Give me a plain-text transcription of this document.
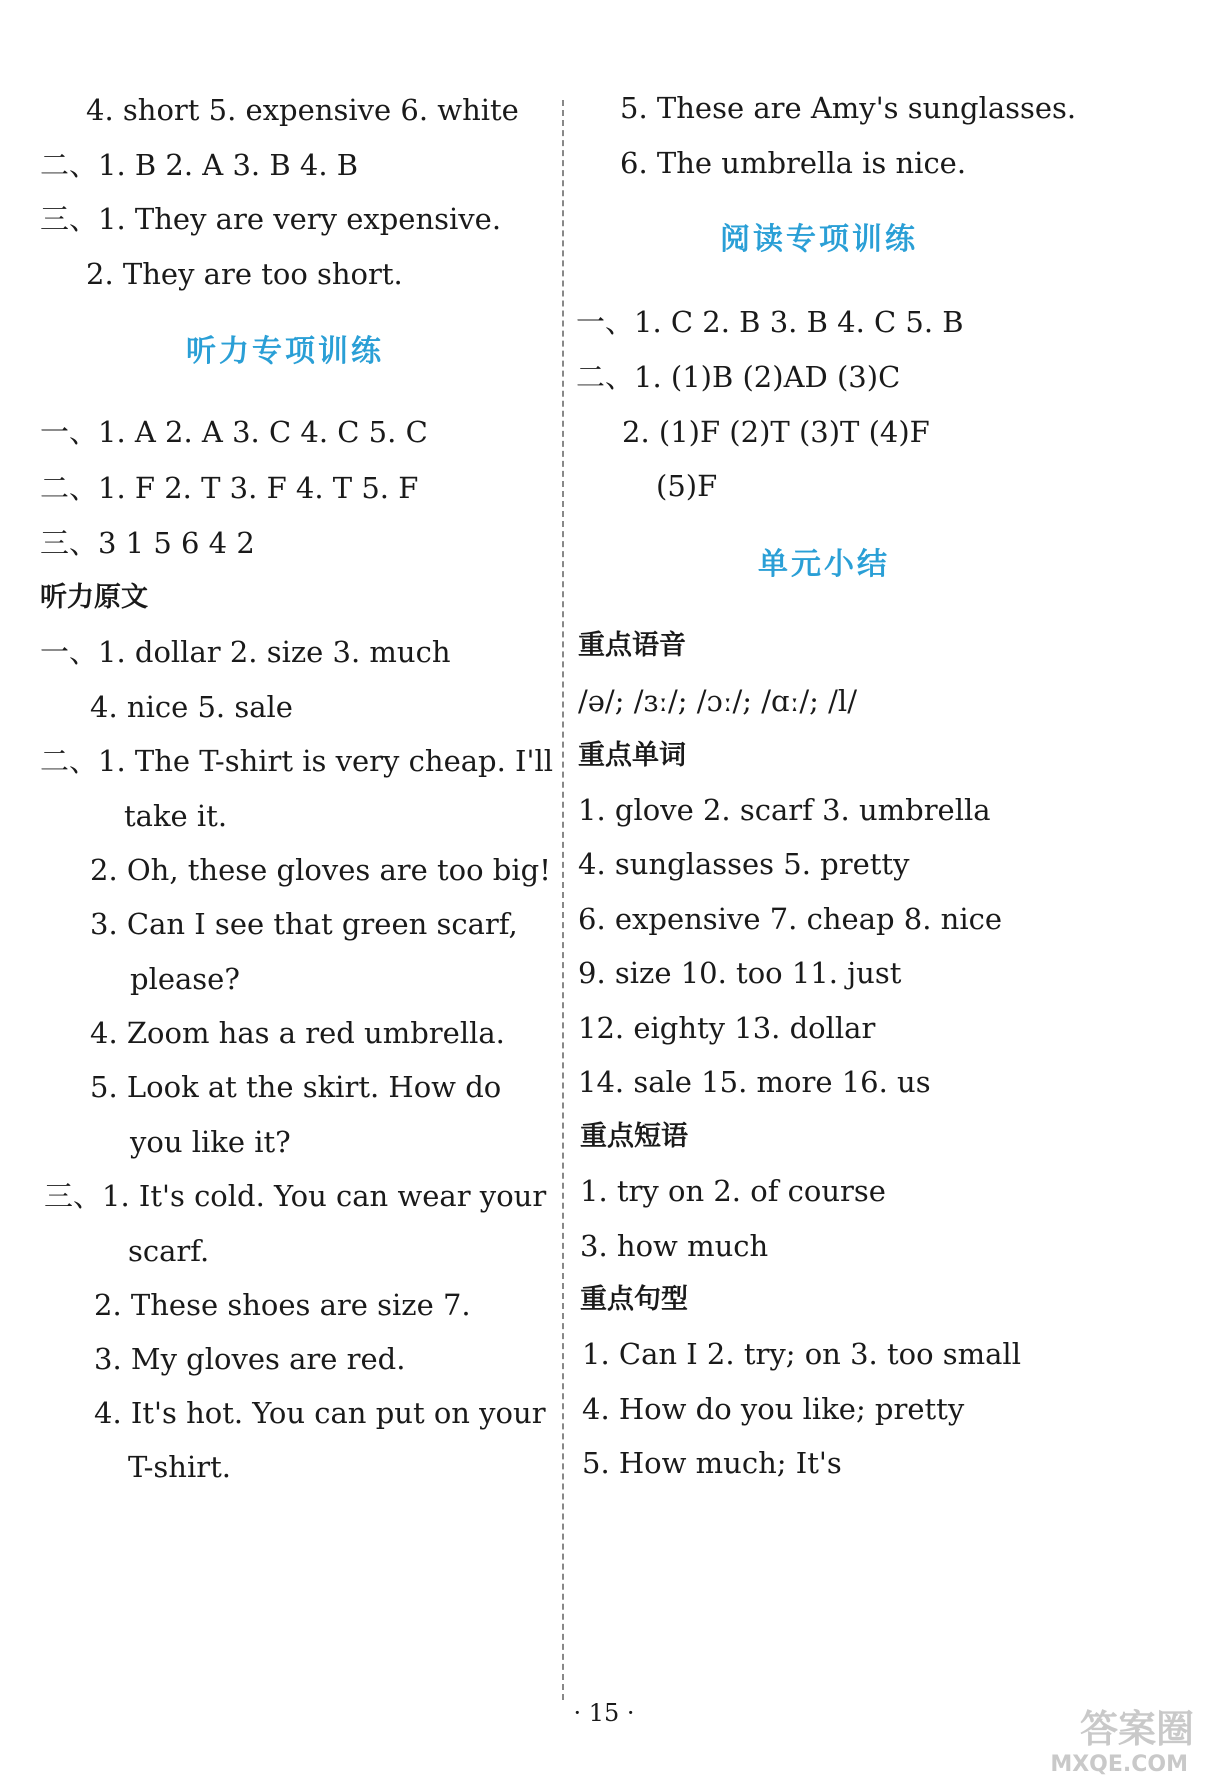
4. short 5. expensive 6. white
二、1. B 2. A 3. B 4. B
三、1. They are very expensive.
2. They are too short.
听力专项训练
一、1. A 2. A 3. C 4. C 5. C
二、1. F 2. T 3. F 4. T 5. F
三、3 1 5 6 4 2
听力原文
一、1. dollar 2. size 3. much
4. nice 5. sale
二、1. The T-shirt is very cheap. I'll
take it.
2. Oh, these gloves are too big!
3. Can I see that green scarf,
please?
4. Zoom has a red umbrella.
5. Look at the skirt. How do
you like it?
三、1. It's cold. You can wear your
scarf.
2. These shoes are size 7.
3. My gloves are red.
4. It's hot. You can put on your
T-shirt.
5. These are Amy's sunglasses.
6. The umbrella is nice.
阅读专项训练
一、1. C 2. B 3. B 4. C 5. B
二、1. (1)B (2)AD (3)C
2. (1)F (2)T (3)T (4)F
(5)F
单元小结
重点语音
/ə/; /ɜː/; /ɔː/; /ɑː/; /l/
重点单词
1. glove 2. scarf 3. umbrella
4. sunglasses 5. pretty
6. expensive 7. cheap 8. nice
9. size 10. too 11. just
12. eighty 13. dollar
14. sale 15. more 16. us
重点短语
1. try on 2. of course
3. how much
重点句型
1. Can I 2. try; on 3. too small
4. How do you like; pretty
5. How much; It's
· 15 ·	答案圈
MXQE.COM
